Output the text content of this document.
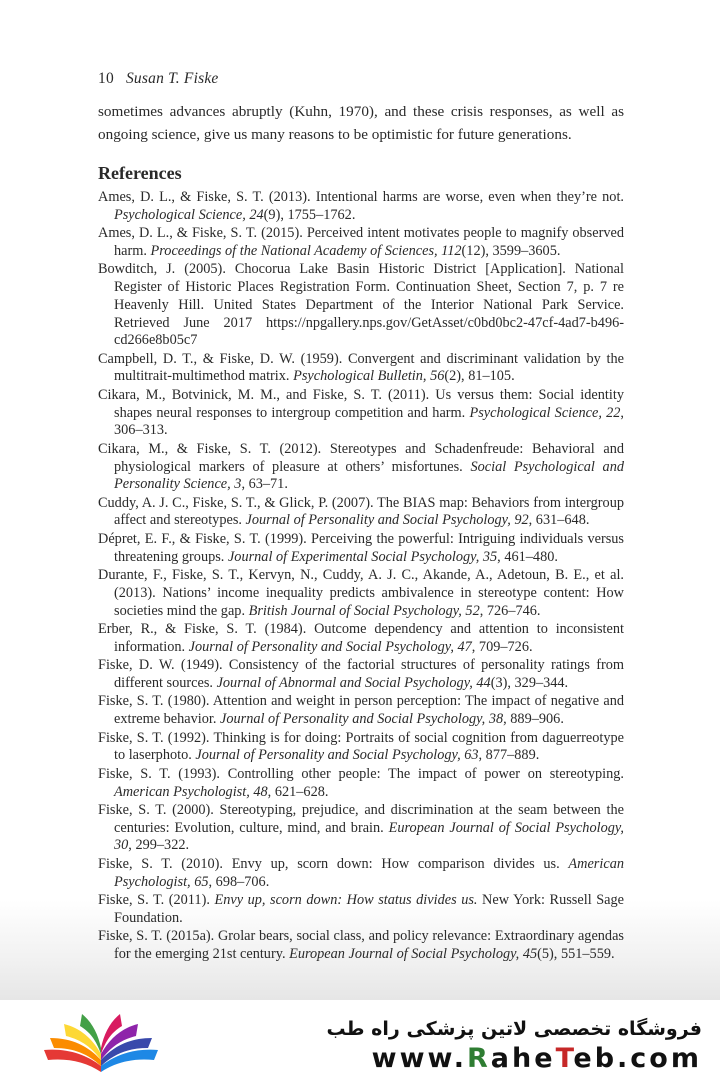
10 Susan T. Fiske
sometimes advances abruptly (Kuhn, 1970), and these crisis responses, as well as ongoing science, give us many reasons to be optimistic for future generations.
References
Ames, D. L., & Fiske, S. T. (2013). Intentional harms are worse, even when they’re not. Psychological Science, 24(9), 1755–1762.
Ames, D. L., & Fiske, S. T. (2015). Perceived intent motivates people to magnify observed harm. Proceedings of the National Academy of Sciences, 112(12), 3599–3605.
Bowditch, J. (2005). Chocorua Lake Basin Historic District [Application]. National Register of Historic Places Registration Form. Continuation Sheet, Section 7, p. 7 re Heavenly Hill. United States Department of the Interior National Park Service. Retrieved June 2017 https://npgallery.nps.gov/GetAsset/c0bd0bc2-47cf-4ad7-b496-cd266e8b05c7
Campbell, D. T., & Fiske, D. W. (1959). Convergent and discriminant validation by the multitrait-multimethod matrix. Psychological Bulletin, 56(2), 81–105.
Cikara, M., Botvinick, M. M., and Fiske, S. T. (2011). Us versus them: Social identity shapes neural responses to intergroup competition and harm. Psychological Science, 22, 306–313.
Cikara, M., & Fiske, S. T. (2012). Stereotypes and Schadenfreude: Behavioral and physiological markers of pleasure at others’ misfortunes. Social Psychological and Personality Science, 3, 63–71.
Cuddy, A. J. C., Fiske, S. T., & Glick, P. (2007). The BIAS map: Behaviors from intergroup affect and stereotypes. Journal of Personality and Social Psychology, 92, 631–648.
Dépret, E. F., & Fiske, S. T. (1999). Perceiving the powerful: Intriguing individuals versus threatening groups. Journal of Experimental Social Psychology, 35, 461–480.
Durante, F., Fiske, S. T., Kervyn, N., Cuddy, A. J. C., Akande, A., Adetoun, B. E., et al. (2013). Nations’ income inequality predicts ambivalence in stereotype content: How societies mind the gap. British Journal of Social Psychology, 52, 726–746.
Erber, R., & Fiske, S. T. (1984). Outcome dependency and attention to inconsistent information. Journal of Personality and Social Psychology, 47, 709–726.
Fiske, D. W. (1949). Consistency of the factorial structures of personality ratings from different sources. Journal of Abnormal and Social Psychology, 44(3), 329–344.
Fiske, S. T. (1980). Attention and weight in person perception: The impact of negative and extreme behavior. Journal of Personality and Social Psychology, 38, 889–906.
Fiske, S. T. (1992). Thinking is for doing: Portraits of social cognition from daguerreotype to laserphoto. Journal of Personality and Social Psychology, 63, 877–889.
Fiske, S. T. (1993). Controlling other people: The impact of power on stereotyping. American Psychologist, 48, 621–628.
Fiske, S. T. (2000). Stereotyping, prejudice, and discrimination at the seam between the centuries: Evolution, culture, mind, and brain. European Journal of Social Psychology, 30, 299–322.
Fiske, S. T. (2010). Envy up, scorn down: How comparison divides us. American Psychologist, 65, 698–706.
Fiske, S. T. (2011). Envy up, scorn down: How status divides us. New York: Russell Sage Foundation.
Fiske, S. T. (2015a). Grolar bears, social class, and policy relevance: Extraordinary agendas for the emerging 21st century. European Journal of Social Psychology, 45(5), 551–559.
فروشگاه تخصصی لاتین پزشکی راه طب
www.RaheTeb.com
